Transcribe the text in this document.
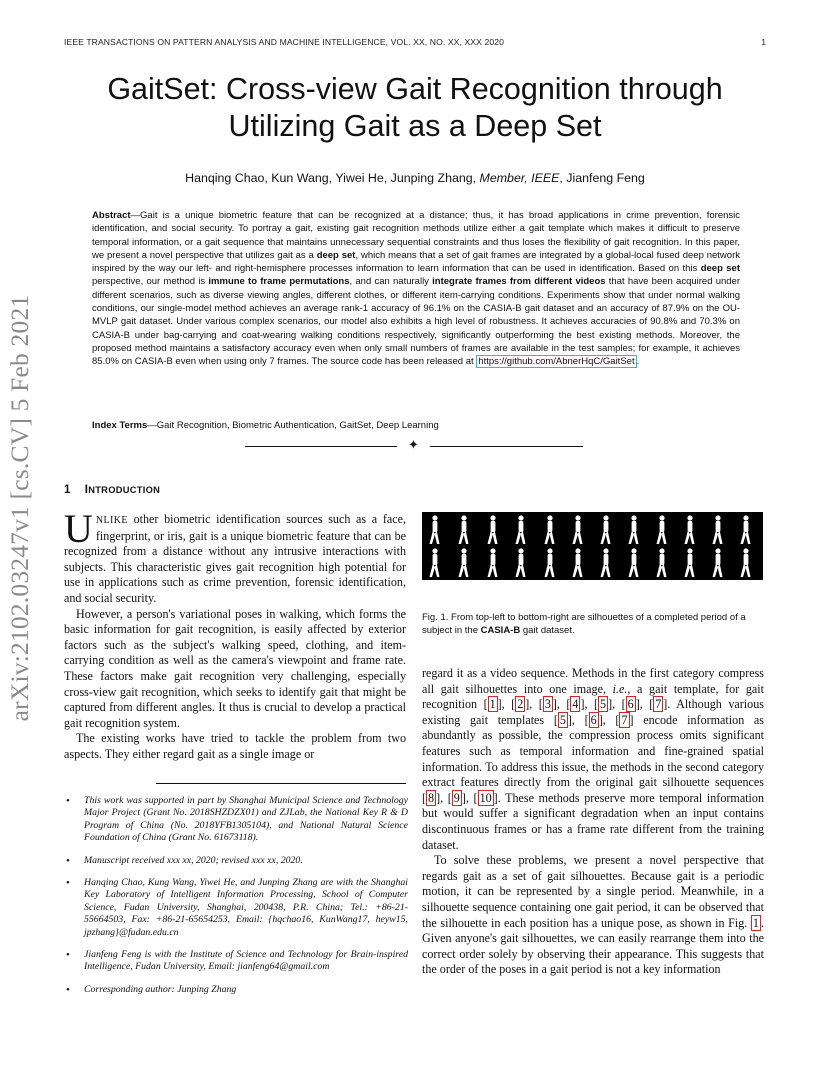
IEEE TRANSACTIONS ON PATTERN ANALYSIS AND MACHINE INTELLIGENCE, VOL. XX, NO. XX, XXX 2020	1
arXiv:2102.03247v1 [cs.CV] 5 Feb 2021
GaitSet: Cross-view Gait Recognition through
Utilizing Gait as a Deep Set
Hanqing Chao, Kun Wang, Yiwei He, Junping Zhang, Member, IEEE, Jianfeng Feng
Abstract—Gait is a unique biometric feature that can be recognized at a distance; thus, it has broad applications in crime prevention, forensic identification, and social security. To portray a gait, existing gait recognition methods utilize either a gait template which makes it difficult to preserve temporal information, or a gait sequence that maintains unnecessary sequential constraints and thus loses the flexibility of gait recognition. In this paper, we present a novel perspective that utilizes gait as a deep set, which means that a set of gait frames are integrated by a global-local fused deep network inspired by the way our left- and right-hemisphere processes information to learn information that can be used in identification. Based on this deep set perspective, our method is immune to frame permutations, and can naturally integrate frames from different videos that have been acquired under different scenarios, such as diverse viewing angles, different clothes, or different item-carrying conditions. Experiments show that under normal walking conditions, our single-model method achieves an average rank-1 accuracy of 96.1% on the CASIA-B gait dataset and an accuracy of 87.9% on the OU-MVLP gait dataset. Under various complex scenarios, our model also exhibits a high level of robustness. It achieves accuracies of 90.8% and 70.3% on CASIA-B under bag-carrying and coat-wearing walking conditions respectively, significantly outperforming the best existing methods. Moreover, the proposed method maintains a satisfactory accuracy even when only small numbers of frames are available in the test samples; for example, it achieves 85.0% on CASIA-B even when using only 7 frames. The source code has been released at https://github.com/AbnerHqC/GaitSet .
Index Terms—Gait Recognition, Biometric Authentication, GaitSet, Deep Learning
✦
1 INTRODUCTION

UNLIKE other biometric identification sources such as a face, fingerprint, or iris, gait is a unique biometric feature that can be recognized from a distance without any intrusive interactions with subjects. This characteristic gives gait recognition high potential for use in applications such as crime prevention, forensic identification, and social security.

However, a person's variational poses in walking, which forms the basic information for gait recognition, is easily affected by exterior factors such as the subject's walking speed, clothing, and item-carrying condition as well as the camera's viewpoint and frame rate. These factors make gait recognition very challenging, especially cross-view gait recognition, which seeks to identify gait that might be captured from different angles. It thus is crucial to develop a practical gait recognition system.

The existing works have tried to tackle the problem from two aspects. They either regard gait as a single image or

• This work was supported in part by Shanghai Municipal Science and Technology Major Project (Grant No. 2018SHZDZX01) and ZJLab, the National Key R & D Program of China (No. 2018YFB1305104), and National Natural Science Foundation of China (Grant No. 61673118).
• Manuscript received xxx xx, 2020; revised xxx xx, 2020.
• Hanqing Chao, Kung Wang, Yiwei He, and Junping Zhang are with the Shanghai Key Laboratory of Intelligent Information Processing, School of Computer Science, Fudan University, Shanghai, 200438, P.R. China; Tel.: +86-21-55664503, Fax: +86-21-65654253, Email: {hqchao16, KunWang17, heyw15, jpzhang}@fudan.edu.cn
• Jianfeng Feng is with the Institute of Science and Technology for Brain-inspired Intelligence, Fudan University, Email: jianfeng64@gmail.com
• Corresponding author: Junping Zhang
Fig. 1. From top-left to bottom-right are silhouettes of a completed period of a subject in the CASIA-B gait dataset.

regard it as a video sequence. Methods in the first category compress all gait silhouettes into one image, i.e., a gait template, for gait recognition [ 1 ], [ 2 ], [ 3 ], [ 4 ], [ 5 ], [ 6 ], [ 7 ]. Although various existing gait templates [ 5 ], [ 6 ], [ 7 ] encode information as abundantly as possible, the compression process omits significant features such as temporal information and fine-grained spatial information. To address this issue, the methods in the second category extract features directly from the original gait silhouette sequences [ 8 ], [ 9 ], [ 10 ]. These methods preserve more temporal information but would suffer a significant degradation when an input contains discontinuous frames or has a frame rate different from the training dataset.

To solve these problems, we present a novel perspective that regards gait as a set of gait silhouettes. Because gait is a periodic motion, it can be represented by a single period. Meanwhile, in a silhouette sequence containing one gait period, it can be observed that the silhouette in each position has a unique pose, as shown in Fig. 1 . Given anyone's gait silhouettes, we can easily rearrange them into the correct order solely by observing their appearance. This suggests that the order of the poses in a gait period is not a key information
